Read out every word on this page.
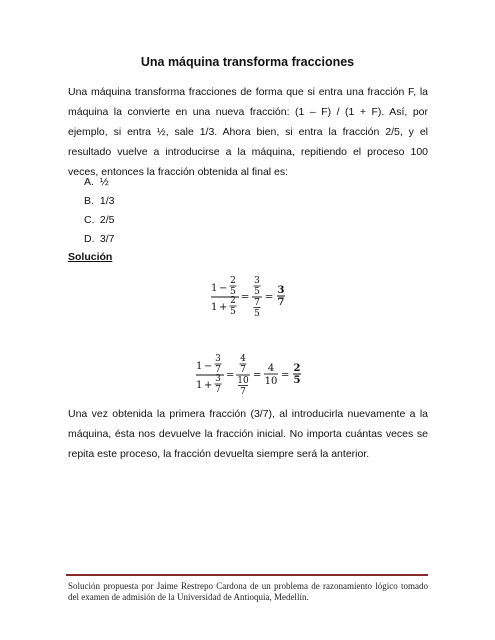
Una máquina transforma fracciones
Una máquina transforma fracciones de forma que si entra una fracción F, la máquina la convierte en una nueva fracción: (1 – F) / (1 + F). Así, por ejemplo, si entra ½, sale 1/3. Ahora bien, si entra la fracción 2/5, y el resultado vuelve a introducirse a la máquina, repitiendo el proceso 100 veces, entonces la fracción obtenida al final es:
A. ½
B. 1/3
C. 2/5
D. 3/7
Solución
1 −
2
5
1 +
2
5
=
3
5
7
5
=
3
7
1 −
3
7
1 +
3
7
=
4
7
10
7
=
4
10
=
2
5
Una vez obtenida la primera fracción (3/7), al introducirla nuevamente a la máquina, ésta nos devuelve la fracción inicial. No importa cuántas veces se repita este proceso, la fracción devuelta siempre será la anterior.
Solución propuesta por Jaime Restrepo Cardona de un problema de razonamiento lógico tomado del examen de admisión de la Universidad de Antioquia, Medellín.
